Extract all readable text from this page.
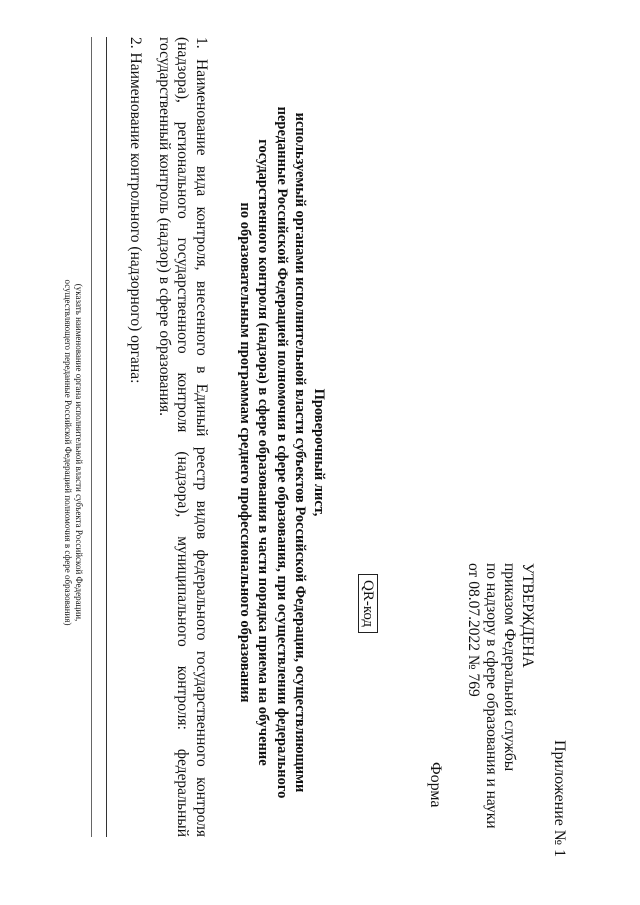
Приложение № 1
УТВЕРЖДЕНА
приказом Федеральной службы
по надзору в сфере образования и науки
от 08.07.2022 № 769
Форма
QR-код
Проверочный лист,
используемый органами исполнительной власти субъектов Российской Федерации, осуществляющими
переданные Российской Федерацией полномочия в сфере образования, при осуществлении федерального
государственного контроля (надзора) в сфере образования в части порядка приема на обучение
по образовательным программам среднего профессионального образования
1. Наименование вида контроля, внесенного в Единый реестр видов федерального государственного контроля
(надзора), регионального государственного контроля (надзора), муниципального контроля: федеральный
государственный контроль (надзор) в сфере образования.
2. Наименование контрольного (надзорного) органа:
(указать наименование органа исполнительной власти субъекта Российской Федерации,
осуществляющего переданные Российской Федерацией полномочия в сфере образования)
